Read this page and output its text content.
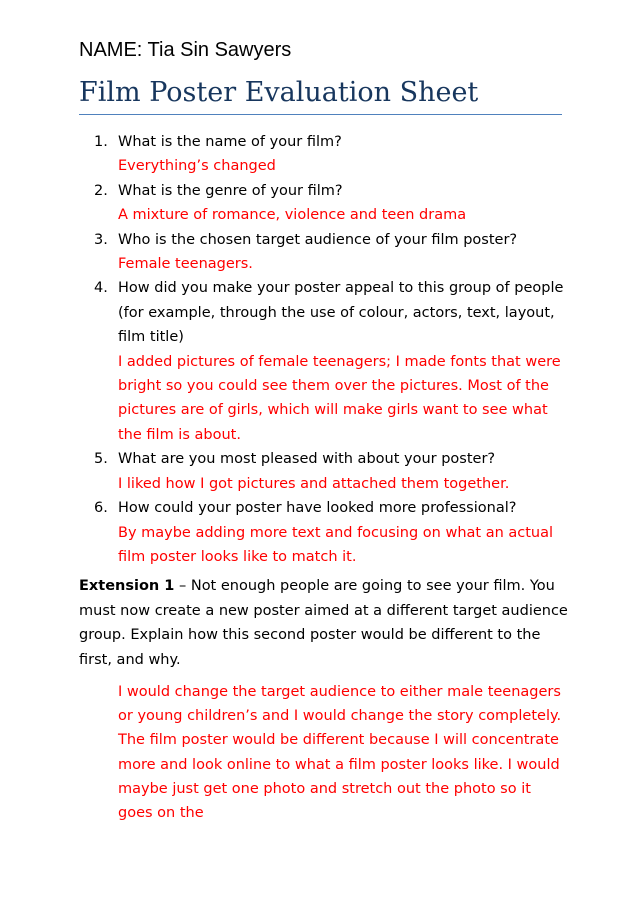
NAME: Tia Sin Sawyers
Film Poster Evaluation Sheet
1. What is the name of your film?
Everything’s changed
2. What is the genre of your film?
A mixture of romance, violence and teen drama
3. Who is the chosen target audience of your film poster?
Female teenagers.
4. How did you make your poster appeal to this group of people (for example, through the use of colour, actors, text, layout, film title)
I added pictures of female teenagers; I made fonts that were bright so you could see them over the pictures. Most of the pictures are of girls, which will make girls want to see what the film is about.
5. What are you most pleased with about your poster?
I liked how I got pictures and attached them together.
6. How could your poster have looked more professional?
By maybe adding more text and focusing on what an actual film poster looks like to match it.
Extension 1 – Not enough people are going to see your film. You must now create a new poster aimed at a different target audience group. Explain how this second poster would be different to the first, and why.
I would change the target audience to either male teenagers or young children’s and I would change the story completely. The film poster would be different because I will concentrate more and look online to what a film poster looks like. I would maybe just get one photo and stretch out the photo so it goes on the
